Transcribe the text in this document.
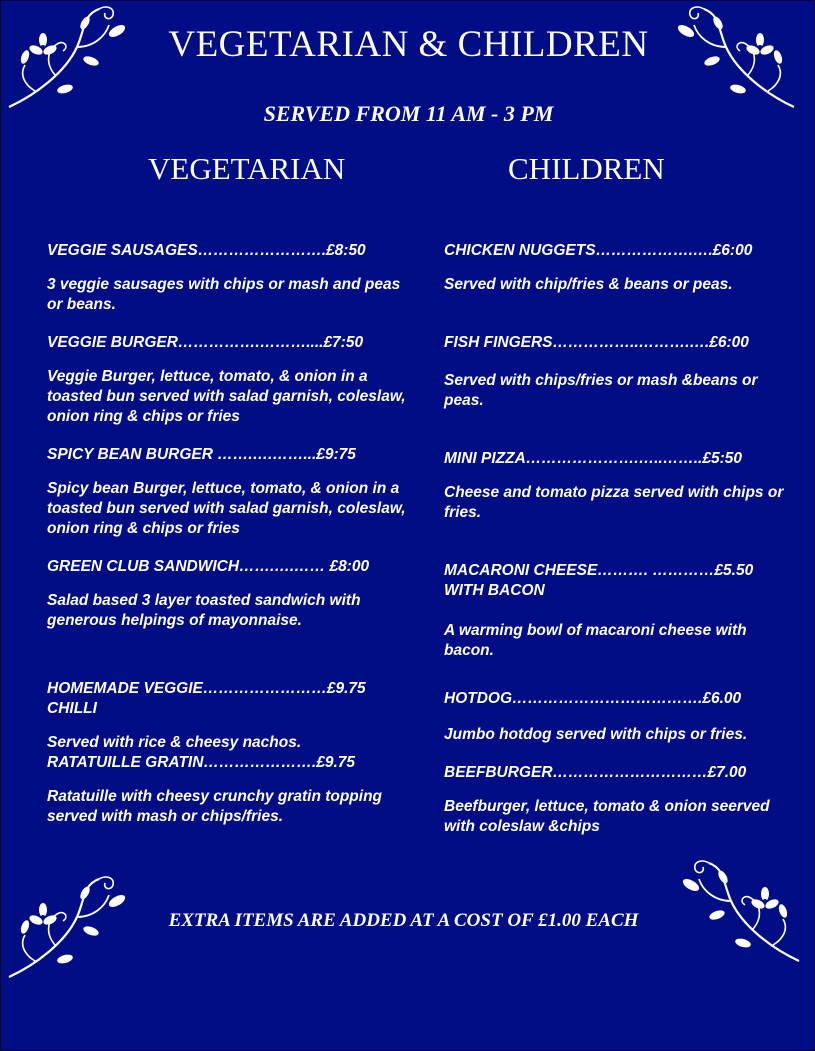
VEGETARIAN & CHILDREN
SERVED FROM 11 AM - 3 PM
VEGETARIAN	CHILDREN
VEGGIE SAUSAGES…………………….£8:50
3 veggie sausages with chips or mash and peas or beans.
VEGGIE BURGER…………….………....£7:50
Veggie Burger, lettuce, tomato, & onion in a toasted bun served with salad garnish, coleslaw, onion ring & chips or fries
SPICY BEAN BURGER …….….……...£9:75
Spicy bean Burger, lettuce, tomato, & onion in a toasted bun served with salad garnish, coleslaw, onion ring & chips or fries
GREEN CLUB SANDWICH…….….…… £8:00
Salad based 3 layer toasted sandwich with generous helpings of mayonnaise.
HOMEMADE VEGGIE……………………£9.75 CHILLI
Served with rice & cheesy nachos.
RATATUILLE GRATIN………………….£9.75
Ratatuille with cheesy crunchy gratin topping served with mash or chips/fries.
CHICKEN NUGGETS……………….….£6:00
Served with chip/fries & beans or peas.
FISH FINGERS……………..……….….£6:00
Served with chips/fries or mash &beans or peas.
MINI PIZZA………………….…..……..£5:50
Cheese and tomato pizza served with chips or fries.
MACARONI CHEESE………. …………£5.50 WITH BACON
A warming bowl of macaroni cheese with bacon.
HOTDOG……………………………….£6.00
Jumbo hotdog served with chips or fries.
BEEFBURGER…………………………£7.00
Beefburger, lettuce, tomato & onion seerved with coleslaw &chips
EXTRA ITEMS ARE ADDED AT A COST OF £1.00 EACH
